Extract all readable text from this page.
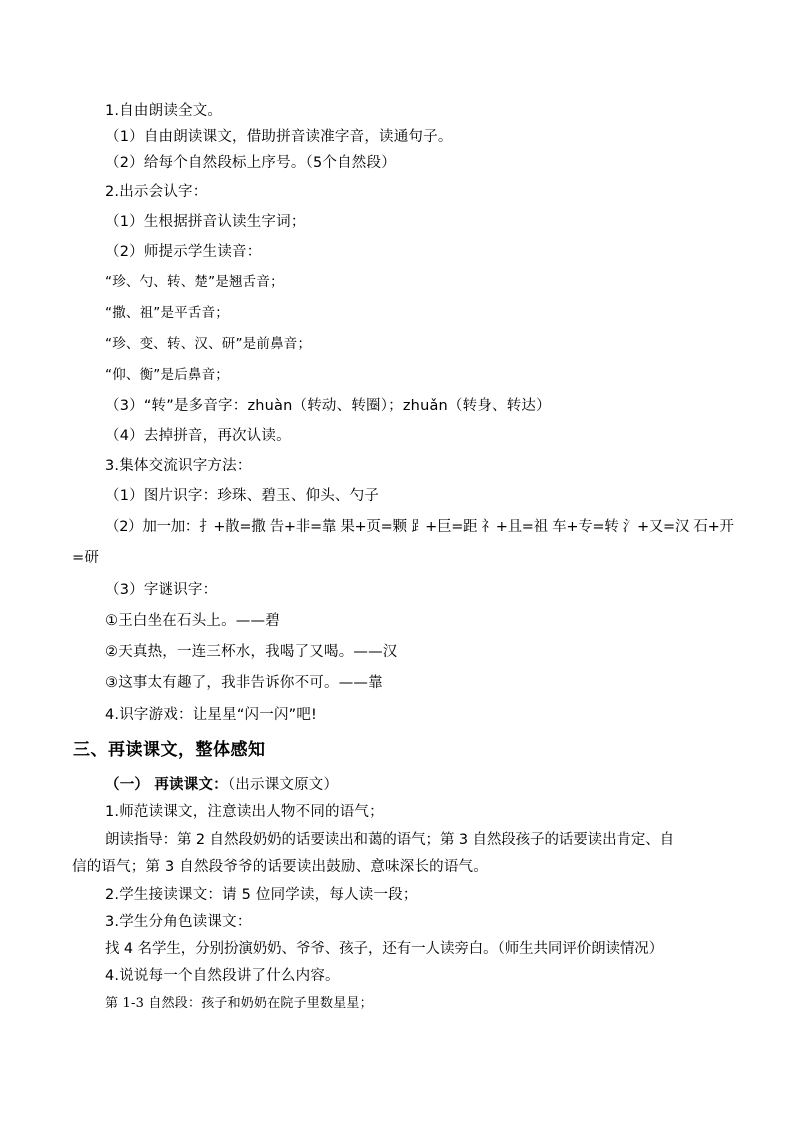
1.自由朗读全文。
（1）自由朗读课文，借助拼音读准字音，读通句子。
（2）给每个自然段标上序号。（5个自然段）
2.出示会认字：
（1）生根据拼音认读生字词；
（2）师提示学生读音：
“珍、勺、转、楚”是翘舌音；
“撒、祖”是平舌音；
“珍、变、转、汉、研”是前鼻音；
“仰、衡”是后鼻音；
（3）“转”是多音字：zhuàn（转动、转圈）；zhuǎn（转身、转达）
（4）去掉拼音，再次认读。
3.集体交流识字方法：
（1）图片识字：珍珠、碧玉、仰头、勺子
（2）加一加：扌+散=撒 告+非=靠 果+页=颗 ⻊+巨=距 礻+且=祖 车+专=转 氵+又=汉 石+开
=研
（3）字谜识字：
①王白坐在石头上。——碧
②天真热，一连三杯水，我喝了又喝。——汉
③这事太有趣了，我非告诉你不可。——靠
4.识字游戏：让星星“闪一闪”吧!
三、再读课文，整体感知
（一） 再读课文：（出示课文原文）
1.师范读课文，注意读出人物不同的语气；
朗读指导：第 2 自然段奶奶的话要读出和蔼的语气；第 3 自然段孩子的话要读出肯定、自
信的语气；第 3 自然段爷爷的话要读出鼓励、意味深长的语气。
2.学生接读课文：请 5 位同学读，每人读一段；
3.学生分角色读课文：
找 4 名学生，分别扮演奶奶、爷爷、孩子，还有一人读旁白。（师生共同评价朗读情况）
4.说说每一个自然段讲了什么内容。
第 1-3 自然段：孩子和奶奶在院子里数星星；
